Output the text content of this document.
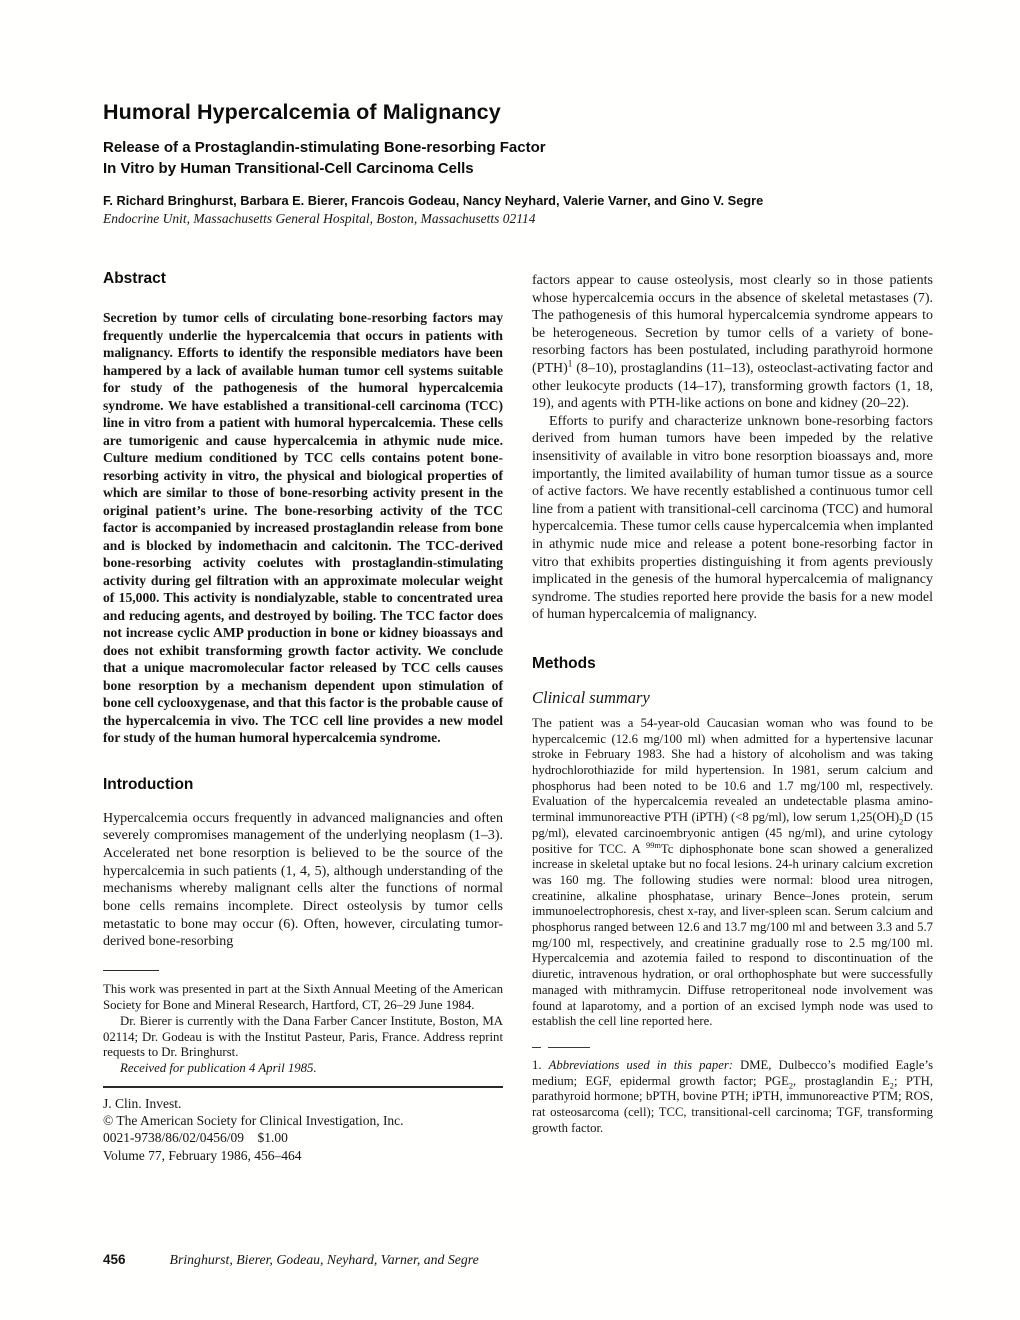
Humoral Hypercalcemia of Malignancy
Release of a Prostaglandin-stimulating Bone-resorbing Factor
In Vitro by Human Transitional-Cell Carcinoma Cells
F. Richard Bringhurst, Barbara E. Bierer, Francois Godeau, Nancy Neyhard, Valerie Varner, and Gino V. Segre
Endocrine Unit, Massachusetts General Hospital, Boston, Massachusetts 02114
Abstract

Secretion by tumor cells of circulating bone-resorbing factors may frequently underlie the hypercalcemia that occurs in patients with malignancy. Efforts to identify the responsible mediators have been hampered by a lack of available human tumor cell systems suitable for study of the pathogenesis of the humoral hypercalcemia syndrome. We have established a transitional-cell carcinoma (TCC) line in vitro from a patient with humoral hypercalcemia. These cells are tumorigenic and cause hypercalcemia in athymic nude mice. Culture medium conditioned by TCC cells contains potent bone-resorbing activity in vitro, the physical and biological properties of which are similar to those of bone-resorbing activity present in the original patient’s urine. The bone-resorbing activity of the TCC factor is accompanied by increased prostaglandin release from bone and is blocked by indomethacin and calcitonin. The TCC-derived bone-resorbing activity coelutes with prostaglandin-stimulating activity during gel filtration with an approximate molecular weight of 15,000. This activity is nondialyzable, stable to concentrated urea and reducing agents, and destroyed by boiling. The TCC factor does not increase cyclic AMP production in bone or kidney bioassays and does not exhibit transforming growth factor activity. We conclude that a unique macromolecular factor released by TCC cells causes bone resorption by a mechanism dependent upon stimulation of bone cell cyclooxygenase, and that this factor is the probable cause of the hypercalcemia in vivo. The TCC cell line provides a new model for study of the human humoral hypercalcemia syndrome.

Introduction

Hypercalcemia occurs frequently in advanced malignancies and often severely compromises management of the underlying neoplasm (1–3). Accelerated net bone resorption is believed to be the source of the hypercalcemia in such patients (1, 4, 5), although understanding of the mechanisms whereby malignant cells alter the functions of normal bone cells remains incomplete. Direct osteolysis by tumor cells metastatic to bone may occur (6). Often, however, circulating tumor-derived bone-resorbing

This work was presented in part at the Sixth Annual Meeting of the American Society for Bone and Mineral Research, Hartford, CT, 26–29 June 1984.

Dr. Bierer is currently with the Dana Farber Cancer Institute, Boston, MA 02114; Dr. Godeau is with the Institut Pasteur, Paris, France. Address reprint requests to Dr. Bringhurst.

Received for publication 4 April 1985.

J. Clin. Invest.
© The American Society for Clinical Investigation, Inc.
0021-9738/86/02/0456/09 $1.00
Volume 77, February 1986, 456–464

factors appear to cause osteolysis, most clearly so in those patients whose hypercalcemia occurs in the absence of skeletal metastases (7). The pathogenesis of this humoral hypercalcemia syndrome appears to be heterogeneous. Secretion by tumor cells of a variety of bone-resorbing factors has been postulated, including parathyroid hormone (PTH)$^1$ (8–10), prostaglandins (11–13), osteoclast-activating factor and other leukocyte products (14–17), transforming growth factors (1, 18, 19), and agents with PTH-like actions on bone and kidney (20–22).

Efforts to purify and characterize unknown bone-resorbing factors derived from human tumors have been impeded by the relative insensitivity of available in vitro bone resorption bioassays and, more importantly, the limited availability of human tumor tissue as a source of active factors. We have recently established a continuous tumor cell line from a patient with transitional-cell carcinoma (TCC) and humoral hypercalcemia. These tumor cells cause hypercalcemia when implanted in athymic nude mice and release a potent bone-resorbing factor in vitro that exhibits properties distinguishing it from agents previously implicated in the genesis of the humoral hypercalcemia of malignancy syndrome. The studies reported here provide the basis for a new model of human hypercalcemia of malignancy.

Methods
Clinical summary

The patient was a 54-year-old Caucasian woman who was found to be hypercalcemic (12.6 mg/100 ml) when admitted for a hypertensive lacunar stroke in February 1983. She had a history of alcoholism and was taking hydrochlorothiazide for mild hypertension. In 1981, serum calcium and phosphorus had been noted to be 10.6 and 1.7 mg/100 ml, respectively. Evaluation of the hypercalcemia revealed an undetectable plasma amino-terminal immunoreactive PTH (iPTH) (<8 pg/ml), low serum $1,25(OH)_2D$ (15 pg/ml), elevated carcinoembryonic antigen (45 ng/ml), and urine cytology positive for TCC. A $^{99m}$Tc diphosphonate bone scan showed a generalized increase in skeletal uptake but no focal lesions. 24-h urinary calcium excretion was 160 mg. The following studies were normal: blood urea nitrogen, creatinine, alkaline phosphatase, urinary Bence–Jones protein, serum immunoelectrophoresis, chest x-ray, and liver-spleen scan. Serum calcium and phosphorus ranged between 12.6 and 13.7 mg/100 ml and between 3.3 and 5.7 mg/100 ml, respectively, and creatinine gradually rose to 2.5 mg/100 ml. Hypercalcemia and azotemia failed to respond to discontinuation of the diuretic, intravenous hydration, or oral orthophosphate but were successfully managed with mithramycin. Diffuse retroperitoneal node involvement was found at laparotomy, and a portion of an excised lymph node was used to establish the cell line reported here.

1. Abbreviations used in this paper: DME, Dulbecco’s modified Eagle’s medium; EGF, epidermal growth factor; $PGE_2$, prostaglandin $E_2$; PTH, parathyroid hormone; bPTH, bovine PTH; iPTH, immunoreactive PTM; ROS, rat osteosarcoma (cell); TCC, transitional-cell carcinoma; TGF, transforming growth factor.

456	Bringhurst, Bierer, Godeau, Neyhard, Varner, and Segre
